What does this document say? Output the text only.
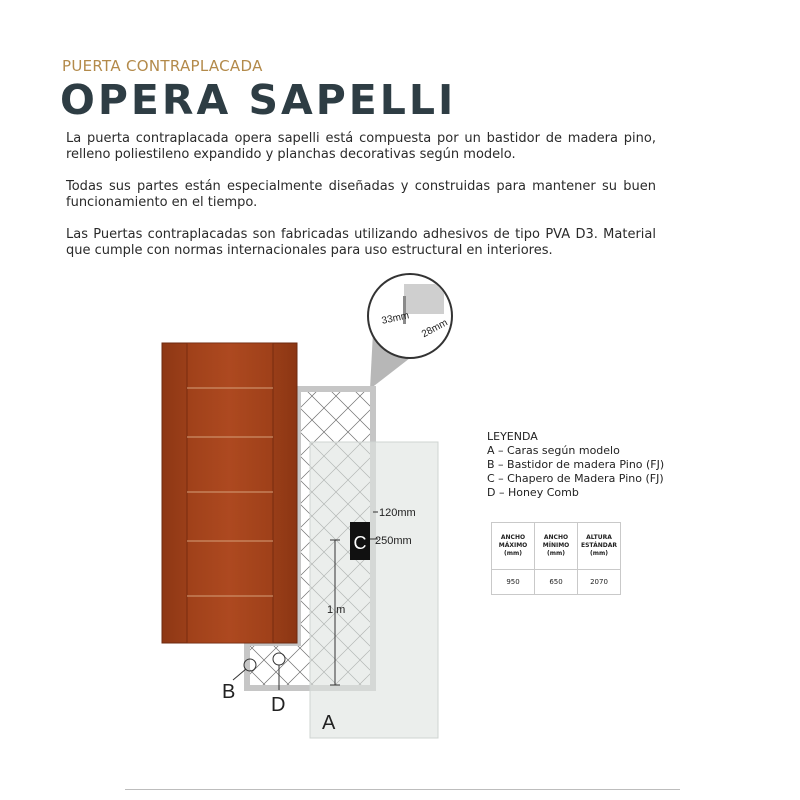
PUERTA CONTRAPLACADA
OPERA SAPELLI

La puerta contraplacada opera sapelli está compuesta por un bastidor de madera pino, relleno poliestileno expandido y planchas decorativas según modelo.

Todas sus partes están especialmente diseñadas y construidas para mantener su buen funcionamiento en el tiempo.

Las Puertas contraplacadas son fabricadas utilizando adhesivos de tipo PVA D3. Material que cumple con normas internacionales para uso estructural en interiores.

33mm 28mm
C
120mm
250mm
1 m
B
D
A
LEYENDA
A – Caras según modelo
B – Bastidor de madera Pino (FJ)
C – Chapero de Madera Pino (FJ)
D – Honey Comb
ANCHO MÁXIMO (mm)	ANCHO MÍNIMO (mm)	ALTURA ESTÁNDAR (mm)
950	650	2070
